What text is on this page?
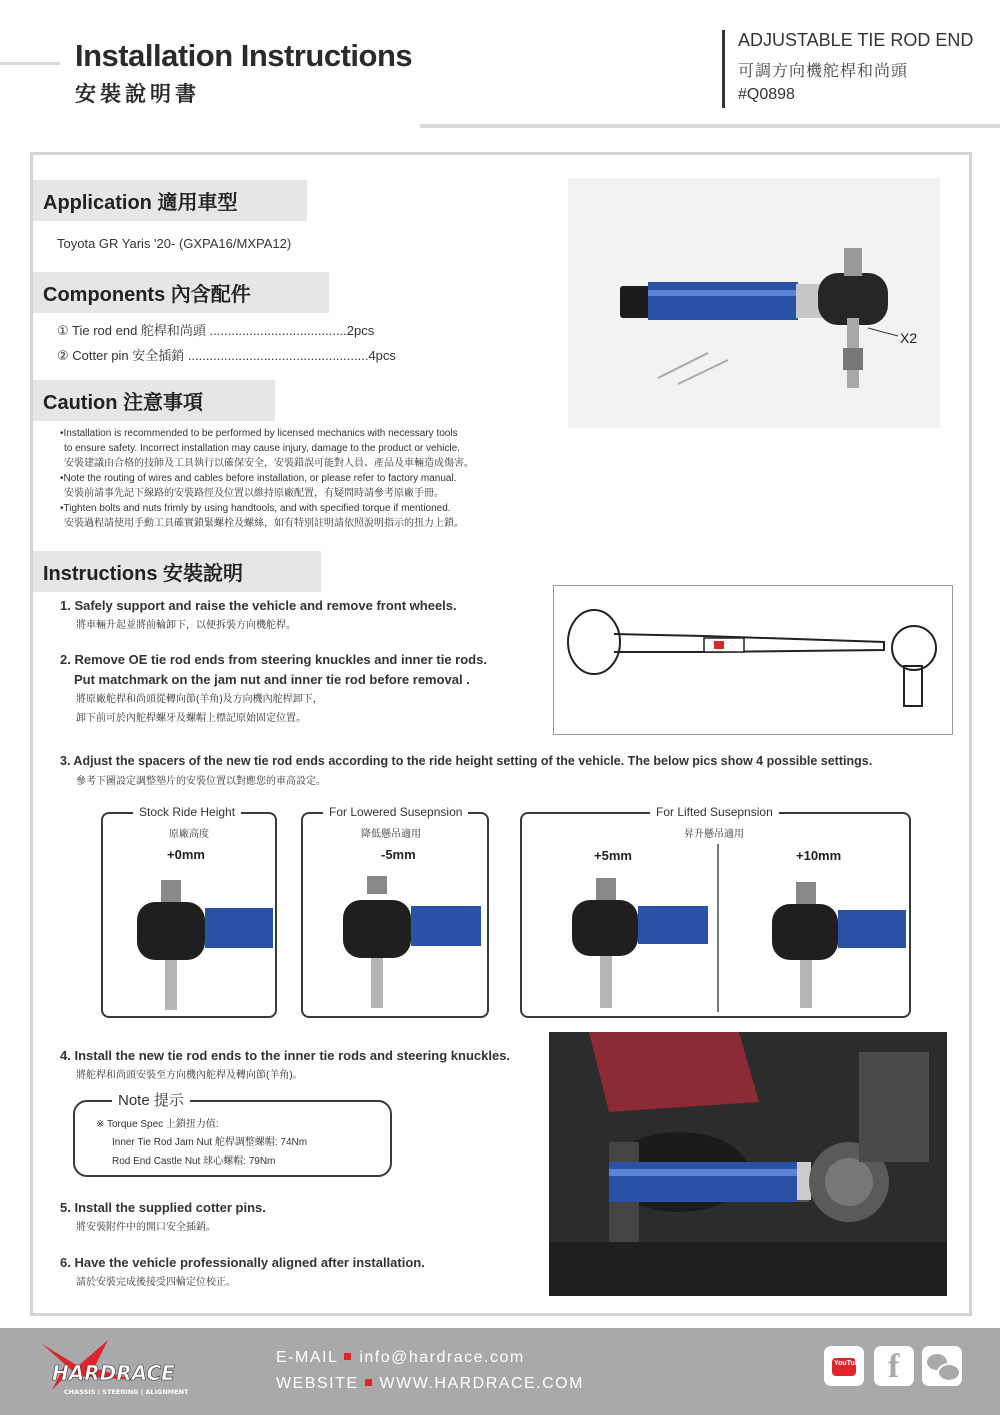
Installation Instructions
安裝說明書
ADJUSTABLE TIE ROD END
可調方向機舵桿和尚頭
#Q0898
Application 適用車型
Toyota GR Yaris '20- (GXPA16/MXPA12)
Components 內含配件
① Tie rod end 舵桿和尚頭 ......................................2pcs
② Cotter pin 安全插銷 ..................................................4pcs
X2
Caution 注意事項
•Installation is recommended to be performed by licensed mechanics with necessary tools
to ensure safety. Incorrect installation may cause injury, damage to the product or vehicle.
安裝建議由合格的技師及工具執行以確保安全，安裝錯誤可能對人員、產品及車輛造成傷害。
•Note the routing of wires and cables before installation, or please refer to factory manual.
安裝前請事先記下線路的安裝路徑及位置以維持原廠配置，有疑問時請參考原廠手冊。
•Tighten bolts and nuts frimly by using handtools, and with specified torque if mentioned.
安裝過程請使用手動工具確實鎖緊螺栓及螺絲，如有特別註明請依照說明指示的扭力上鎖。
Instructions 安裝說明
1. Safely support and raise the vehicle and remove front wheels.
將車輛升起並將前輪卸下，以便拆裝方向機舵桿。
2. Remove OE tie rod ends from steering knuckles and inner tie rods.
Put matchmark on the jam nut and inner tie rod before removal .
將原廠舵桿和尚頭從轉向節(羊角)及方向機內舵桿卸下，
卸下前可於內舵桿螺牙及螺帽上標記原始固定位置。
3. Adjust the spacers of the new tie rod ends according to the ride height setting of the vehicle. The below pics show 4 possible settings.
參考下圖設定調整墊片的安裝位置以對應您的車高設定。
Stock Ride Height
原廠高度
+0mm
For Lowered Susepnsion
降低懸吊適用
-5mm
For Lifted Susepnsion
昇升懸吊適用
+5mm	+10mm
4. Install the new tie rod ends to the inner tie rods and steering knuckles.
將舵桿和尚頭安裝至方向機內舵桿及轉向節(羊角)。
Note 提示
※ Torque Spec 上鎖扭力值:
Inner Tie Rod Jam Nut 舵桿調整螺帽: 74Nm
Rod End Castle Nut 球心螺帽: 79Nm
5. Install the supplied cotter pins.
將安裝附件中的開口安全插銷。
6. Have the vehicle professionally aligned after installation.
請於安裝完成後接受四輪定位校正。
HARDRACE
CHASSIS | STEERING | ALIGNMENT
E-MAIL info@hardrace.com
WEBSITE WWW.HARDRACE.COM
YouTube f
